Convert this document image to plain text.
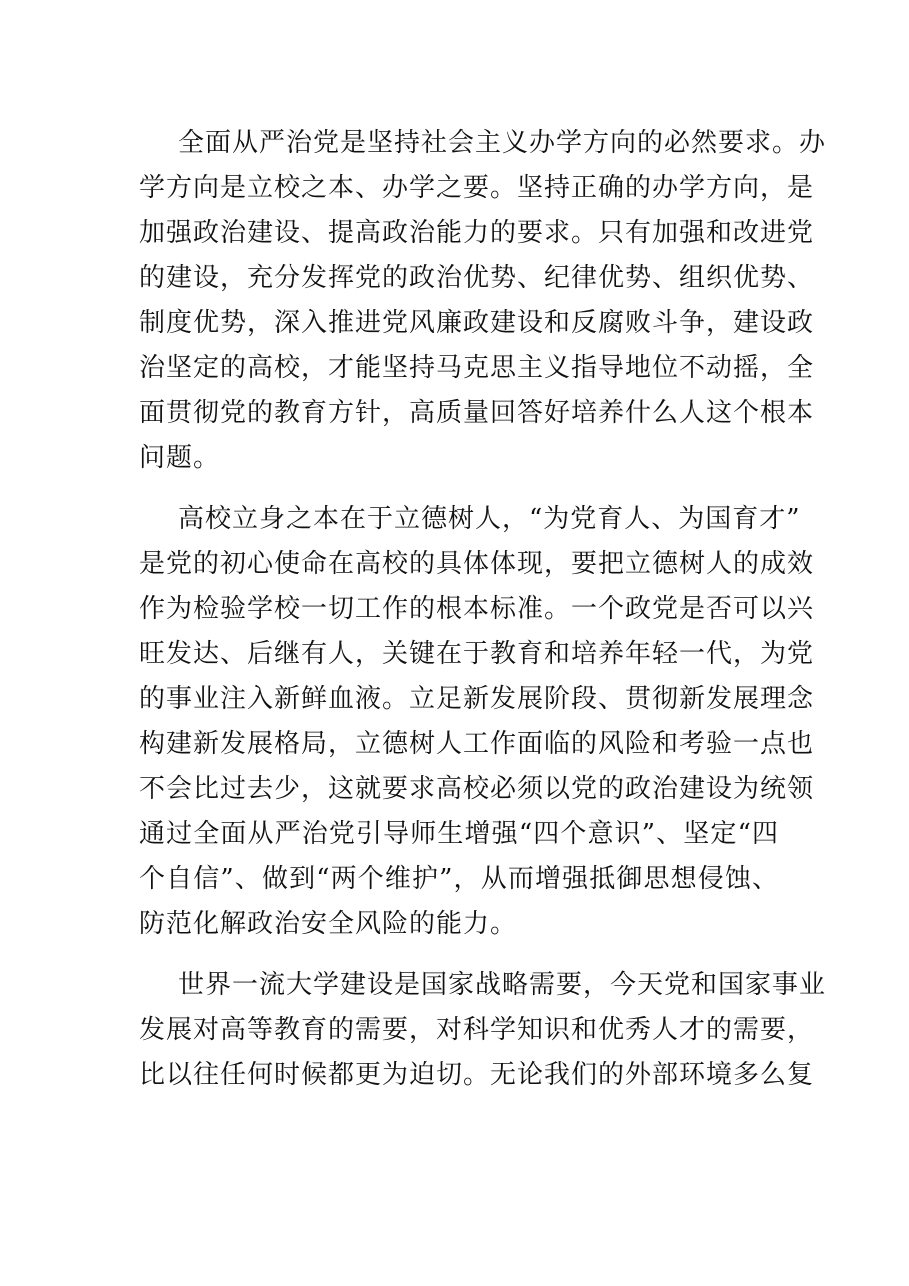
全面从严治党是坚持社会主义办学方向的必然要求。办
学方向是立校之本、办学之要。坚持正确的办学方向，是
加强政治建设、提高政治能力的要求。只有加强和改进党
的建设，充分发挥党的政治优势、纪律优势、组织优势、
制度优势，深入推进党风廉政建设和反腐败斗争，建设政
治坚定的高校，才能坚持马克思主义指导地位不动摇，全
面贯彻党的教育方针，高质量回答好培养什么人这个根本
问题。

高校立身之本在于立德树人，“为党育人、为国育才”
是党的初心使命在高校的具体体现，要把立德树人的成效
作为检验学校一切工作的根本标准。一个政党是否可以兴
旺发达、后继有人，关键在于教育和培养年轻一代，为党
的事业注入新鲜血液。立足新发展阶段、贯彻新发展理念
构建新发展格局，立德树人工作面临的风险和考验一点也
不会比过去少，这就要求高校必须以党的政治建设为统领
通过全面从严治党引导师生增强“四个意识”、坚定“四
个自信”、做到“两个维护”，从而增强抵御思想侵蚀、
防范化解政治安全风险的能力。

世界一流大学建设是国家战略需要，今天党和国家事业
发展对高等教育的需要，对科学知识和优秀人才的需要，
比以往任何时候都更为迫切。无论我们的外部环境多么复
